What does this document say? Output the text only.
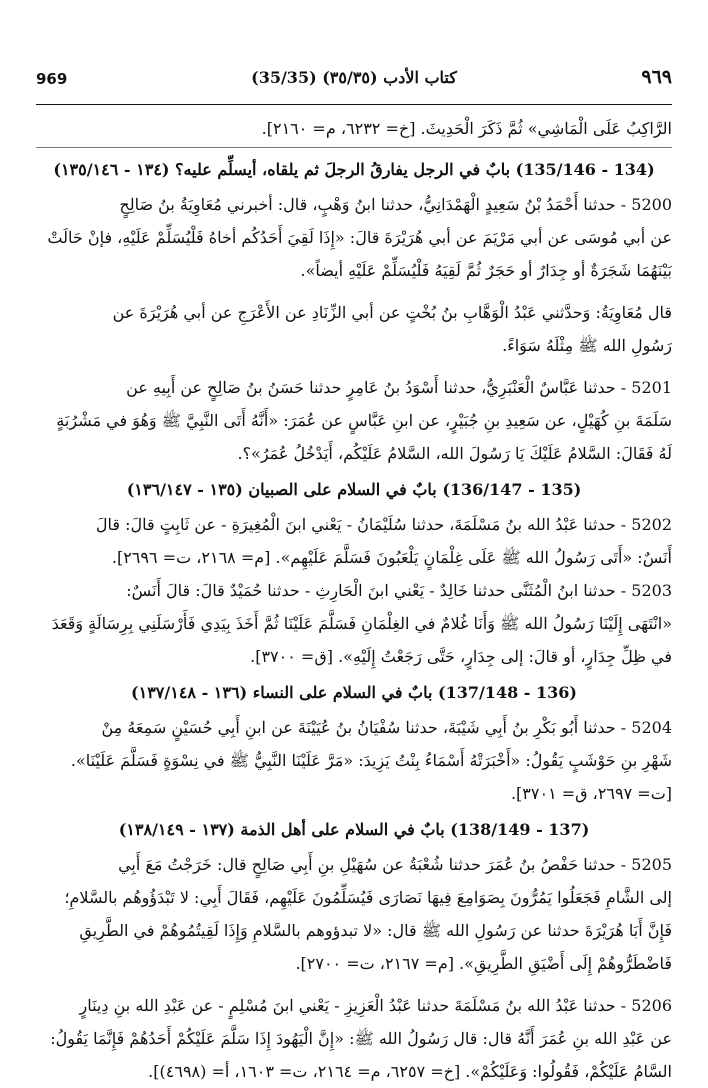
969	(35/35) كتاب الأدب (٣٥/٣٥)	٩٦٩
الرَّاكِبُ عَلَى الْمَاشِي» ثُمَّ ذَكَرَ الْحَدِيثَ. [خ= ٦٢٣٢، م= ٢١٦٠].
(134 - 135/146) بابٌ في الرجل يفارقُ الرجلَ ثم يلقاه، أيسلِّم عليه؟ (١٣٤ - ١٣٥/١٤٦)
5200 - حدثنا أَحْمَدُ بْنُ سَعِيدٍ الْهَمْدَانِيُّ، حدثنا ابنُ وَهْبٍ، قال: أخبرني مُعَاوِيَةُ بنُ صَالِحٍ
عن أبي مُوسَى عن أبي مَرْيَمَ عن أبي هُرَيْرَةَ قالَ: «إِذَا لَقِيَ أَحَدُكُم أخاهُ فَلْيُسَلِّمْ عَلَيْهِ، فإنْ حَالَتْ
بَيْنَهُمَا شَجَرَةٌ أو جِدَارٌ أو حَجَرٌ ثُمَّ لَقِيَهُ فَلْيُسَلِّمْ عَلَيْهِ أيضاً».
قال مُعَاوِيَةُ: وَحدَّثني عَبْدُ الْوَهَّابِ بنُ بُخْتٍ عن أبي الزِّنَادِ عن الأَعْرَجِ عن أبي هُرَيْرَةَ عن
رَسُولِ الله ﷺ مِثْلَهُ سَوَاءً.
5201 - حدثنا عَبَّاسٌ الْعَنْبَرِيُّ، حدثنا أَسْوَدُ بنُ عَامِرٍ حدثنا حَسَنُ بنُ صَالِحٍ عن أَبِيهِ عن
سَلَمَةَ بنِ كُهَيْلٍ، عن سَعِيدِ بنِ جُبَيْرٍ، عن ابنِ عَبَّاسٍ عن عُمَرَ: «أَنَّهُ أَتَى النَّبِيَّ ﷺ وَهُوَ في مَشْرُبَةٍ
لَهُ فَقَالَ: السَّلامُ عَلَيْكَ يَا رَسُولَ الله، السَّلامُ عَلَيْكُم، أَيَدْخُلُ عُمَرُ»؟.
(135 - 136/147) بابٌ في السلام على الصبيان (١٣٥ - ١٣٦/١٤٧)
5202 - حدثنا عَبْدُ الله بنُ مَسْلَمَةَ، حدثنا سُلَيْمَانُ - يَعْني ابنَ الْمُغِيرَةِ - عن ثَابِتٍ قالَ: قالَ
أَنَسٌ: «أَتَى رَسُولُ الله ﷺ عَلَى غِلْمَانٍ يَلْعَبُونَ فَسَلَّمَ عَلَيْهِم». [م= ٢١٦٨، ت= ٢٦٩٦].
5203 - حدثنا ابنُ الْمُثَنَّى حدثنا خَالِدٌ - يَعْني ابنَ الْحَارِثِ - حدثنا حُمَيْدٌ قالَ: قالَ أَنَسٌ:
«انْتَهَى إِلَيْنَا رَسُولُ الله ﷺ وَأَنَا غُلامٌ في الغِلْمَانِ فَسَلَّمَ عَلَيْنَا ثُمَّ أَخَذَ بِيَدِي فَأَرْسَلَنِي بِرِسَالَةٍ وَقَعَدَ
في ظِلِّ جِدَارٍ، أو قالَ: إلى جِدَارٍ، حَتَّى رَجَعْتُ إِلَيْهِ». [ق= ٣٧٠٠].
(136 - 137/148) بابٌ في السلام على النساء (١٣٦ - ١٣٧/١٤٨)
5204 - حدثنا أَبُو بَكْرِ بنُ أَبِي شَيْبَةَ، حدثنا سُفْيَانُ بنُ عُيَيْنَةَ عن ابنِ أَبِي حُسَيْنٍ سَمِعَهُ مِنْ
شَهْرِ بنِ حَوْشَبٍ يَقُولُ: «أَخْبَرَتْهُ أَسْمَاءُ بِنْتُ يَزِيدَ: «مَرَّ عَلَيْنَا النَّبِيُّ ﷺ في نِسْوَةٍ فَسَلَّمَ عَلَيْنَا».
[ت= ٢٦٩٧، ق= ٣٧٠١].
(137 - 138/149) بابٌ في السلام على أهل الذمة (١٣٧ - ١٣٨/١٤٩)
5205 - حدثنا حَفْصُ بنُ عُمَرَ حدثنا شُعْبَةُ عن سُهَيْلِ بنِ أَبِي صَالِحٍ قال: خَرَجْتُ مَعَ أَبِي
إلى الشَّامِ فَجَعَلُوا يَمُرُّونَ بِصَوَامِعَ فِيهَا نَصَارَى فَيُسَلِّمُونَ عَلَيْهِم، فَقَالَ أَبِي: لا تَبْدَؤُوهُم بالسَّلامِ؛
فَإِنَّ أَبَا هُرَيْرَةَ حدثنا عن رَسُولِ الله ﷺ قال: «لا تبدؤوهم بالسَّلامِ وَإِذَا لَقِيتُمُوهُمْ في الطَّرِيقِ
فَاضْطَرُّوهُمْ إِلَى أَضْيَقِ الطَّرِيقِ». [م= ٢١٦٧، ت= ٢٧٠٠].
5206 - حدثنا عَبْدُ الله بنُ مَسْلَمَةَ حدثنا عَبْدُ الْعَزِيزِ - يَعْني ابنَ مُسْلِمٍ - عن عَبْدِ الله بنِ دِينَارٍ
عن عَبْدِ الله بنِ عُمَرَ أَنَّهُ قال: قال رَسُولُ الله ﷺ: «إِنَّ الْيَهُودَ إِذَا سَلَّمَ عَلَيْكُمْ أَحَدُهُمْ فَإِنَّمَا يَقُولُ:
السَّامُ عَلَيْكُمْ، فَقُولُوا: وَعَلَيْكُمْ». [خ= ٦٢٥٧، م= ٢١٦٤، ت= ١٦٠٣، أ= (٤٦٩٨)].
